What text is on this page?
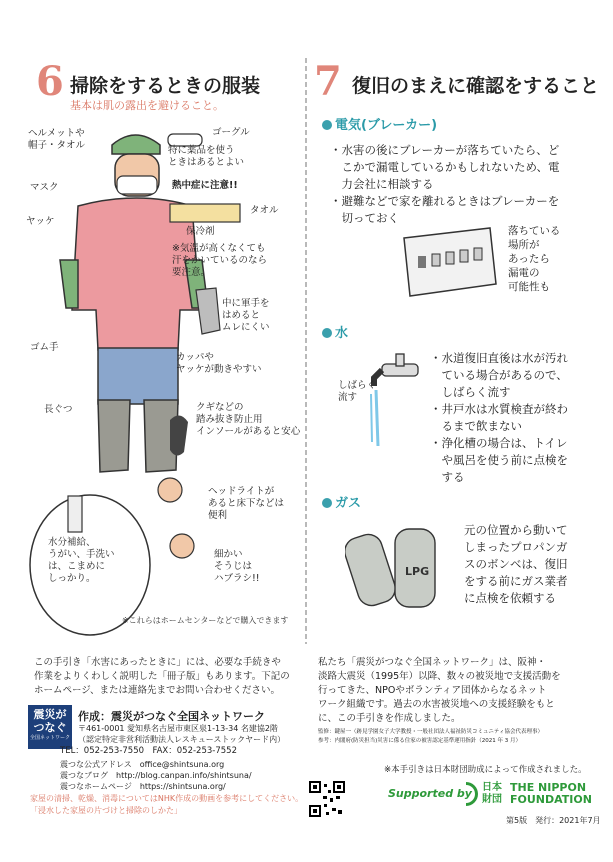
6 掃除をするときの服装
基本は肌の露出を避けること。
ヘルメットや
帽子・タオル
ゴーグル
特に薬品を使う
ときはあるとよい
熱中症に注意!!
マスク
タオル
ヤッケ
保冷剤
※気温が高くなくても
汗をかいているのなら
要注意。
中に軍手を
はめると
ムレにくい
ゴム手
カッパや
ヤッケが動きやすい
クギなどの
踏み抜き防止用
インソールがあると安心
長ぐつ
ヘッドライトが
あると床下などは
便利
水分補給、
うがい、手洗い
は、こまめに
しっかり。
細かい
そうじは
ハブラシ!!
※これらはホームセンターなどで購入できます
7 復旧のまえに確認をすること
電気(ブレーカー)
・水害の後にブレーカーが落ちていたら、ど
　こかで漏電しているかもしれないため、電
　力会社に相談する
・避難などで家を離れるときはブレーカーを
　切っておく
落ちている
場所が
あったら
漏電の
可能性も
水
しばらく
流す
・水道復旧直後は水が汚れ
　ている場合があるので、
　しばらく流す
・井戸水は水質検査が終わ
　るまで飲まない
・浄化槽の場合は、トイレ
　や風呂を使う前に点検を
　する
ガス
LPG
元の位置から動いて
しまったプロパンガ
スのボンベは、復旧
をする前にガス業者
に点検を依頼する
この手引き「水害にあったときに」には、必要な手続きや
作業をよりくわしく説明した「冊子版」もあります。下記の
ホームページ、または連絡先までお問い合わせください。
震災が
つなぐ
全国ネットワーク
作成：震災がつなぐ全国ネットワーク
〒461-0001 愛知県名古屋市東区泉1-13-34 名建協2階
（認定特定非営利活動法人レスキューストックヤード内）
TEL：052-253-7550　FAX：052-253-7552
震つな公式アドレス　office@shintsuna.org
震つなブログ　http://blog.canpan.info/shintsuna/
震つなホームページ　https://shintsuna.org/
家屋の清掃、乾燥、消毒についてはNHK作成の動画を参考にしてください。
「浸水した家屋の片づけと掃除のしかた」
私たち「震災がつなぐ全国ネットワーク」は、阪神・
淡路大震災（1995年）以降、数々の被災地で支援活動を
行ってきた、NPOやボランティア団体からなるネット
ワーク組織です。過去の水害被災地への支援経験をもと
に、この手引きを作成しました。
監修：鍵屋一（跡見学園女子大学教授・一般社団法人福祉防災コミュニティ協会代表理事）
参考：内閣府(防災担当)災害に係る住家の被害認定基準運用指針（2021 年 3 月）
※本手引きは日本財団助成によって作成されました。
Supported by 日本
財団
THE NIPPON
FOUNDATION
第5版　発行：2021年7月
